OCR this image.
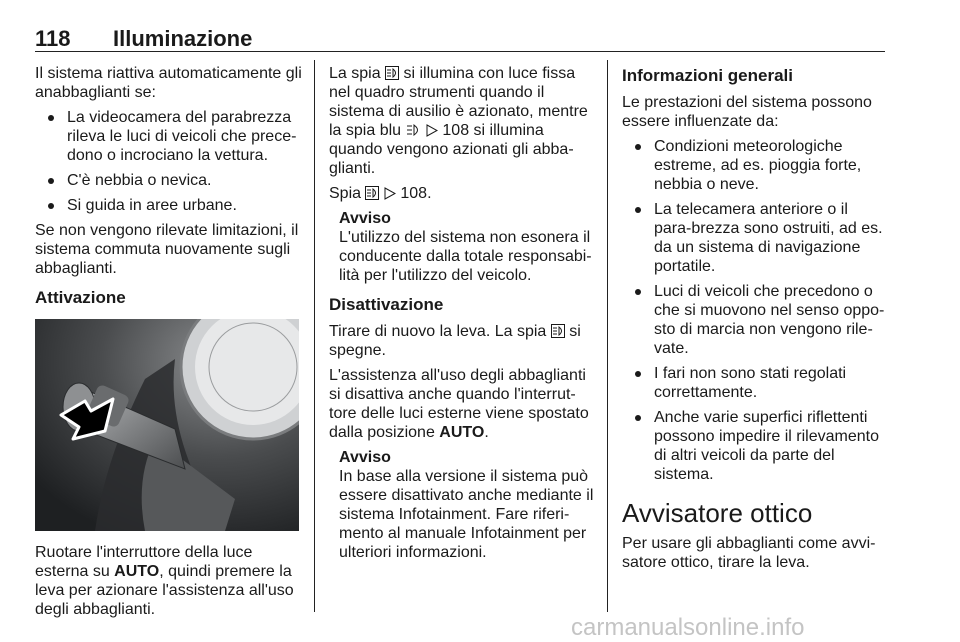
118 Illuminazione

Il sistema riattiva automaticamente gli anabbaglianti se:

La videocamera del parabrezza rileva le luci di veicoli che prece-dono o incrociano la vettura.
C'è nebbia o nevica.
Si guida in aree urbane.

Se non vengono rilevate limitazioni, il sistema commuta nuovamente sugli abbaglianti.

Attivazione

Ruotare l'interruttore della luce esterna su AUTO, quindi premere la leva per azionare l'assistenza all'uso degli abbaglianti.

La spia  si illumina con luce fissa nel quadro strumenti quando il sistema di ausilio è azionato, mentre la spia blu   108 si illumina quando vengono azionati gli abba-glianti.

Spia   108.

Avviso
L'utilizzo del sistema non esonera il conducente dalla totale responsabi-lità per l'utilizzo del veicolo.
Disattivazione

Tirare di nuovo la leva. La spia  si spegne.

L'assistenza all'uso degli abbaglianti si disattiva anche quando l'interrut-tore delle luci esterne viene spostato dalla posizione AUTO.

Avviso
In base alla versione il sistema può essere disattivato anche mediante il sistema Infotainment. Fare riferi-mento al manuale Infotainment per ulteriori informazioni.
Informazioni generali

Le prestazioni del sistema possono essere influenzate da:

Condizioni meteorologiche estreme, ad es. pioggia forte, nebbia o neve.
La telecamera anteriore o il para-brezza sono ostruiti, ad es. da un sistema di navigazione portatile.
Luci di veicoli che precedono o che si muovono nel senso oppo-sto di marcia non vengono rile-vate.
I fari non sono stati regolati correttamente.
Anche varie superfici riflettenti possono impedire il rilevamento di altri veicoli da parte del sistema.
Avvisatore ottico

Per usare gli abbaglianti come avvi-satore ottico, tirare la leva.

carmanualsonline.info
